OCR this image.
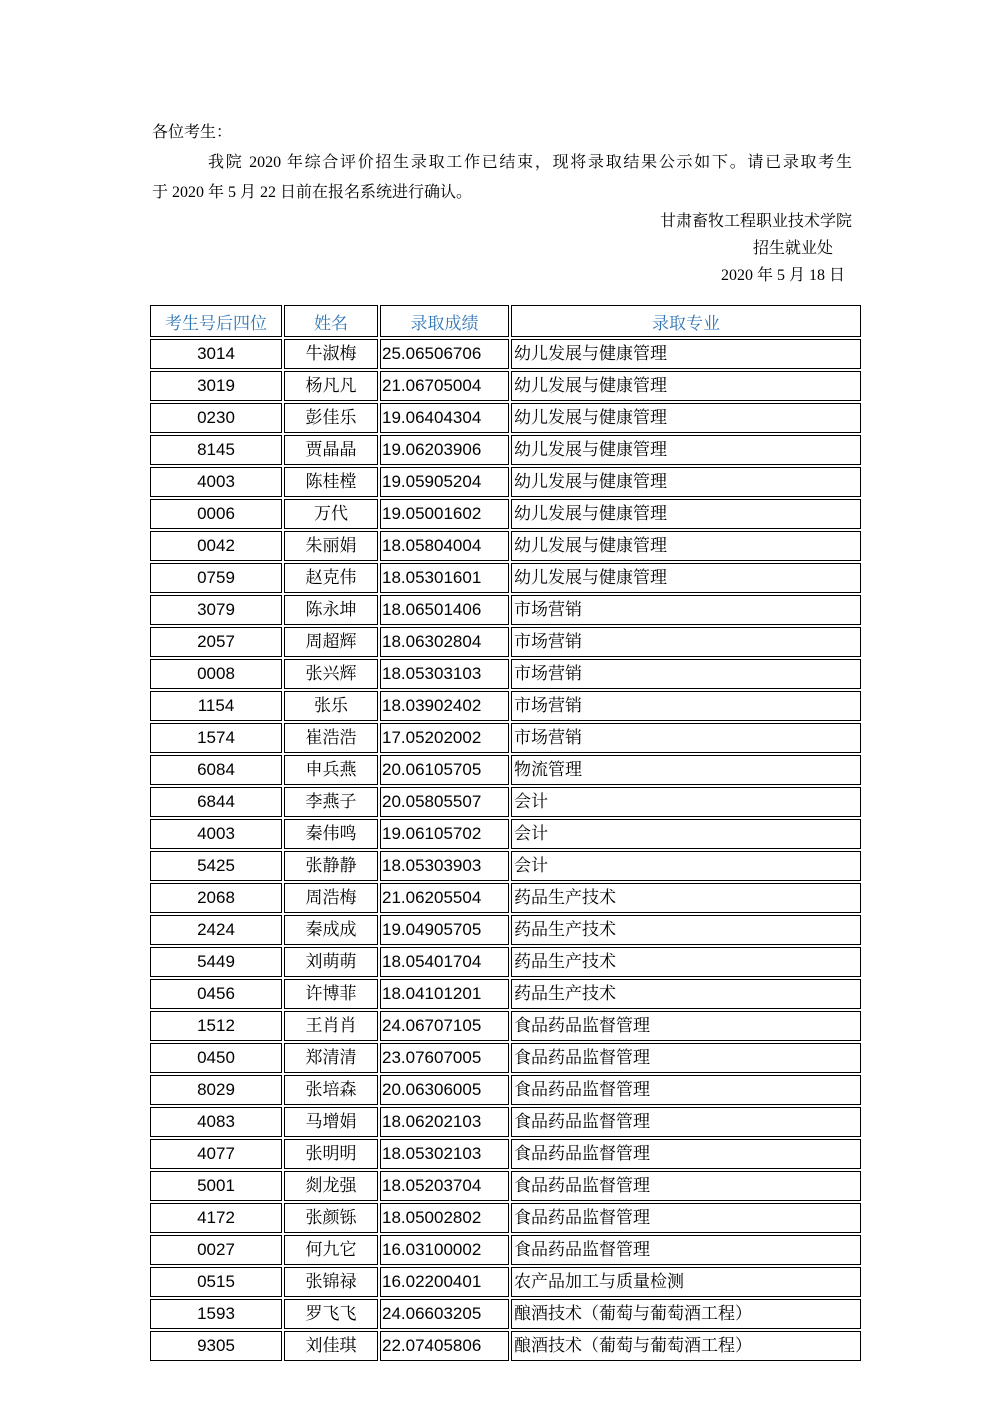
各位考生：
我院 2020 年综合评价招生录取工作已结束，现将录取结果公示如下。请已录取考生
于 2020 年 5 月 22 日前在报名系统进行确认。
甘肃畜牧工程职业技术学院
招生就业处
2020 年 5 月 18 日
考生号后四位	姓名	录取成绩	录取专业
3014	牛淑梅	25.06506706	幼儿发展与健康管理
3019	杨凡凡	21.06705004	幼儿发展与健康管理
0230	彭佳乐	19.06404304	幼儿发展与健康管理
8145	贾晶晶	19.06203906	幼儿发展与健康管理
4003	陈桂樘	19.05905204	幼儿发展与健康管理
0006	万代	19.05001602	幼儿发展与健康管理
0042	朱丽娟	18.05804004	幼儿发展与健康管理
0759	赵克伟	18.05301601	幼儿发展与健康管理
3079	陈永坤	18.06501406	市场营销
2057	周超辉	18.06302804	市场营销
0008	张兴辉	18.05303103	市场营销
1154	张乐	18.03902402	市场营销
1574	崔浩浩	17.05202002	市场营销
6084	申兵燕	20.06105705	物流管理
6844	李燕子	20.05805507	会计
4003	秦伟鸣	19.06105702	会计
5425	张静静	18.05303903	会计
2068	周浩梅	21.06205504	药品生产技术
2424	秦成成	19.04905705	药品生产技术
5449	刘萌萌	18.05401704	药品生产技术
0456	许博菲	18.04101201	药品生产技术
1512	王肖肖	24.06707105	食品药品监督管理
0450	郑清清	23.07607005	食品药品监督管理
8029	张培森	20.06306005	食品药品监督管理
4083	马增娟	18.06202103	食品药品监督管理
4077	张明明	18.05302103	食品药品监督管理
5001	剡龙强	18.05203704	食品药品监督管理
4172	张颜铄	18.05002802	食品药品监督管理
0027	何九它	16.03100002	食品药品监督管理
0515	张锦禄	16.02200401	农产品加工与质量检测
1593	罗飞飞	24.06603205	酿酒技术（葡萄与葡萄酒工程）
9305	刘佳琪	22.07405806	酿酒技术（葡萄与葡萄酒工程）
